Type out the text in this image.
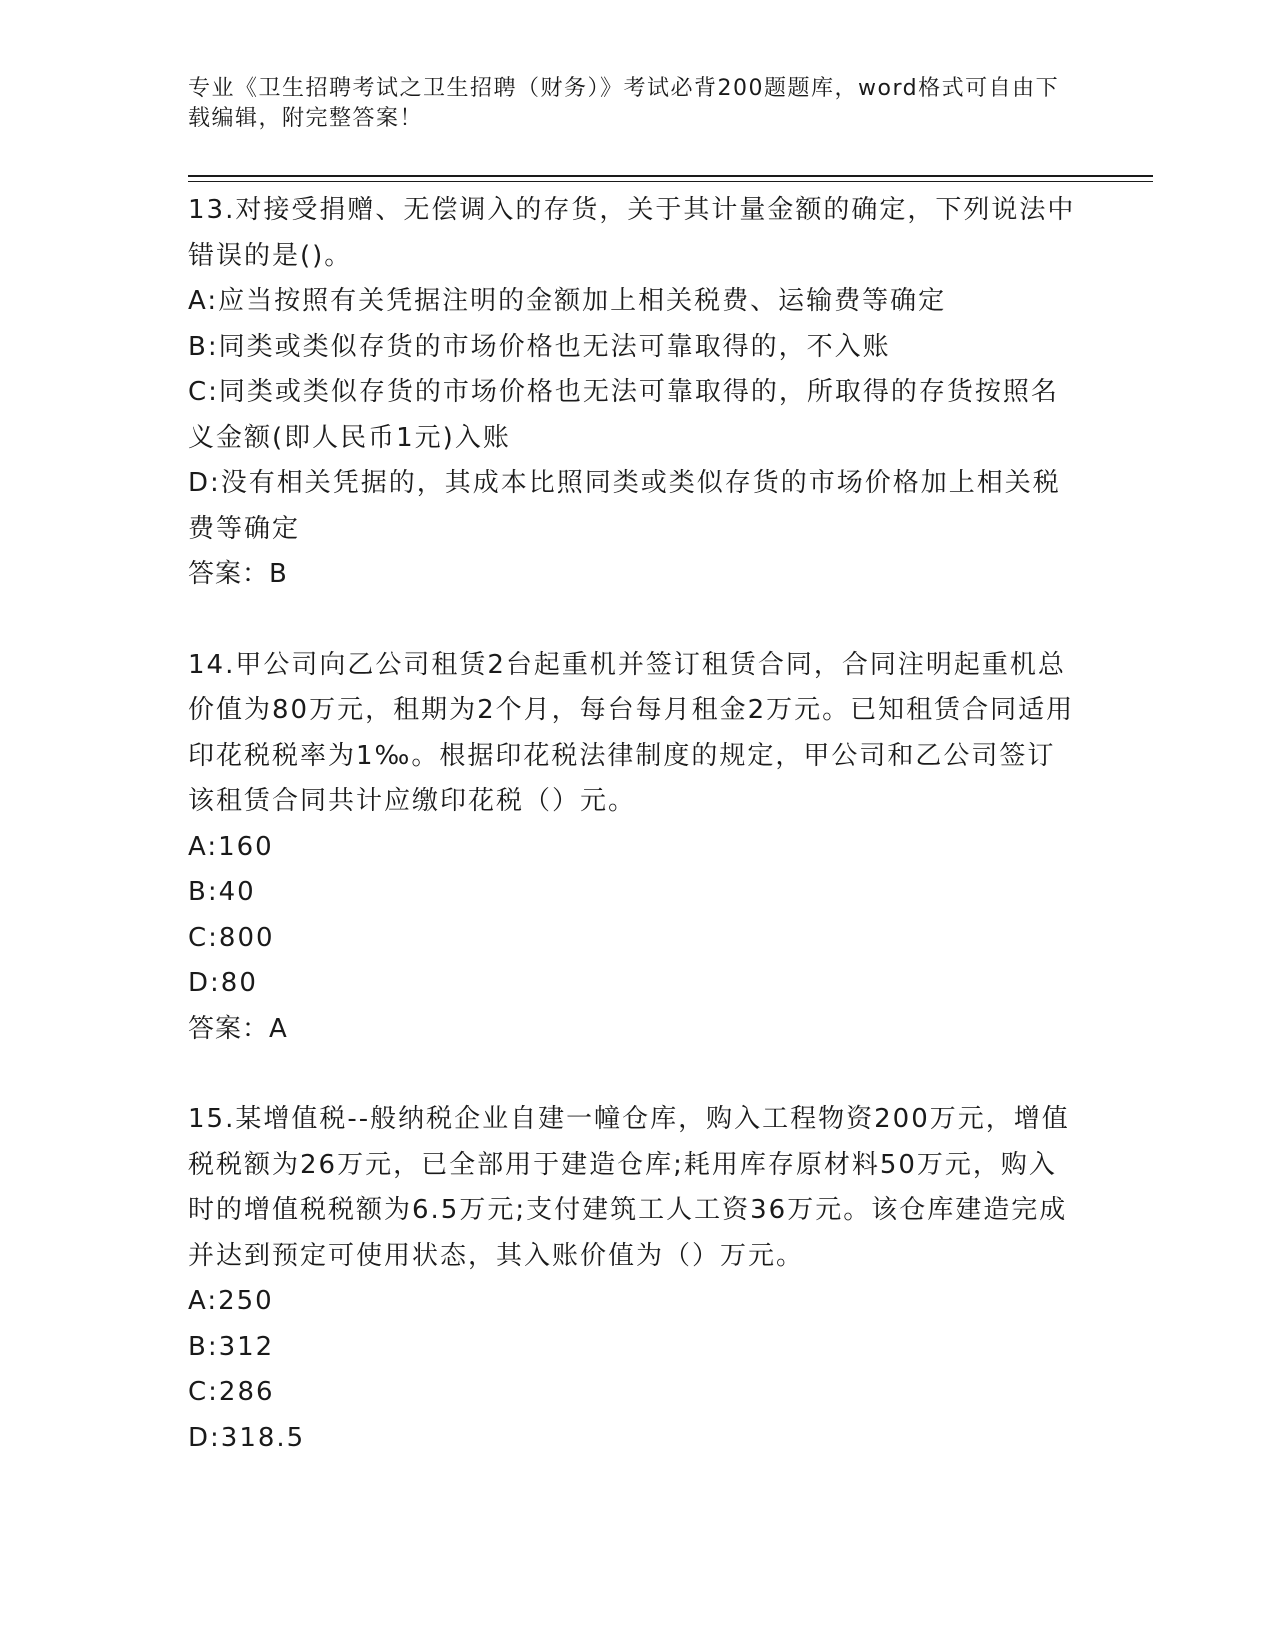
专业《卫生招聘考试之卫生招聘（财务）》考试必背200题题库，word格式可自由下载编辑，附完整答案！

13.对接受捐赠、无偿调入的存货，关于其计量金额的确定，下列说法中错误的是()。

A:应当按照有关凭据注明的金额加上相关税费、运输费等确定

B:同类或类似存货的市场价格也无法可靠取得的，不入账

C:同类或类似存货的市场价格也无法可靠取得的，所取得的存货按照名义金额(即人民币1元)入账

D:没有相关凭据的，其成本比照同类或类似存货的市场价格加上相关税费等确定

答案：B

14.甲公司向乙公司租赁2台起重机并签订租赁合同，合同注明起重机总价值为80万元，租期为2个月，每台每月租金2万元。已知租赁合同适用印花税税率为1‰。根据印花税法律制度的规定，甲公司和乙公司签订该租赁合同共计应缴印花税（）元。

A:160

B:40

C:800

D:80

答案：A

15.某增值税--般纳税企业自建一幢仓库，购入工程物资200万元，增值税税额为26万元，已全部用于建造仓库;耗用库存原材料50万元，购入时的增值税税额为6.5万元;支付建筑工人工资36万元。该仓库建造完成并达到预定可使用状态，其入账价值为（）万元。

A:250

B:312

C:286

D:318.5
